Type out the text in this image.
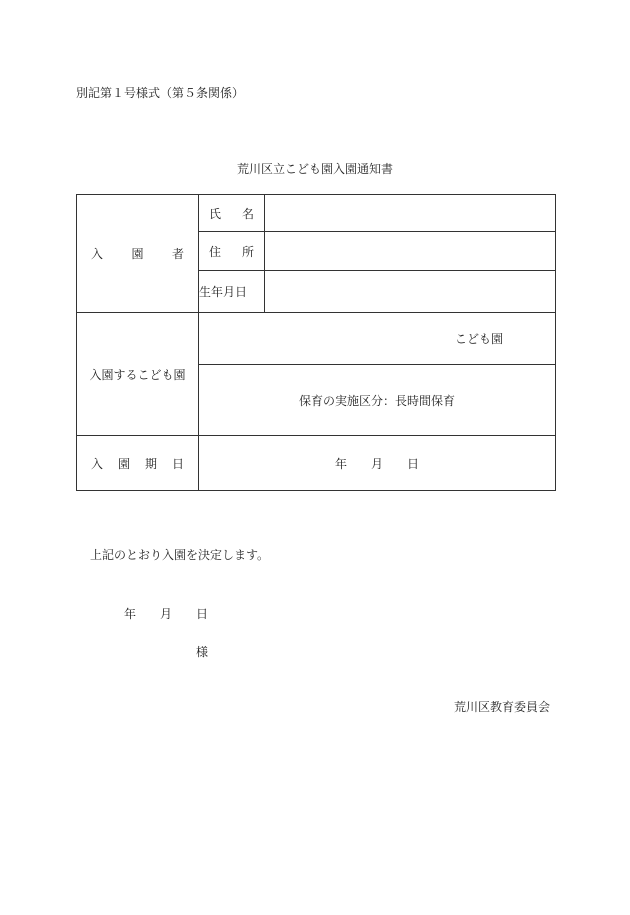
別記第１号様式（第５条関係）
荒川区立こども園入園通知書
入 園 者	氏 名	

	住 所	

	生年月日	
入園するこども園	こども園	
	保育の実施区分：長時間保育	

入 園 期 日	年 月 日	
上記のとおり入園を決定します。
年 月 日
様
荒川区教育委員会
